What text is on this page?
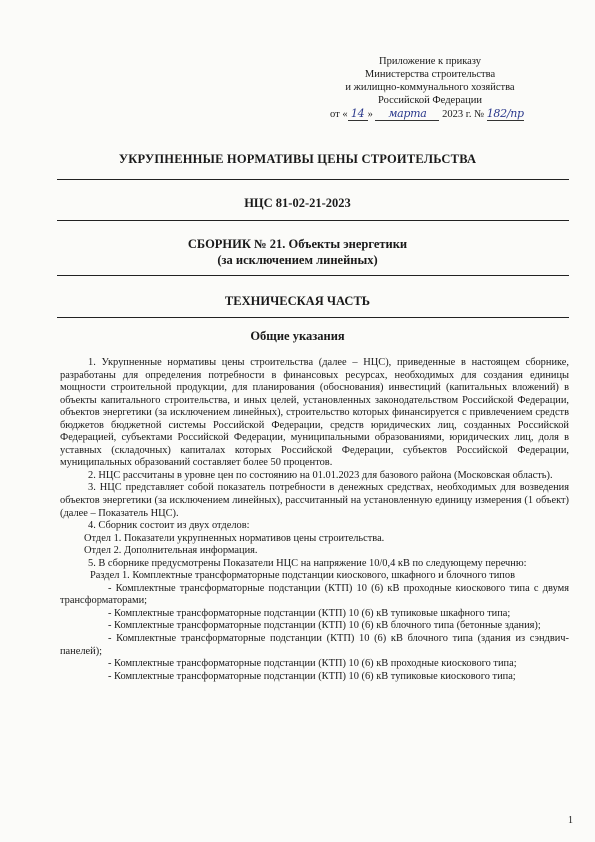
Приложение к приказу
Министерства строительства
и жилищно-коммунального хозяйства
Российской Федерации
от « 14 » марта 2023 г. № 182/пр
УКРУПНЕННЫЕ НОРМАТИВЫ ЦЕНЫ СТРОИТЕЛЬСТВА
НЦС 81-02-21-2023
СБОРНИК № 21. Объекты энергетики
(за исключением линейных)
ТЕХНИЧЕСКАЯ ЧАСТЬ
Общие указания

1. Укрупненные нормативы цены строительства (далее – НЦС), приведенные в настоящем сборнике, разработаны для определения потребности в финансовых ресурсах, необходимых для создания единицы мощности строительной продукции, для планирования (обоснования) инвестиций (капитальных вложений) в объекты капитального строительства, и иных целей, установленных законодательством Российской Федерации, объектов энергетики (за исключением линейных), строительство которых финансируется с привлечением средств бюджетов бюджетной системы Российской Федерации, средств юридических лиц, созданных Российской Федерацией, субъектами Российской Федерации, муниципальными образованиями, юридических лиц, доля в уставных (складочных) капиталах которых Российской Федерации, субъектов Российской Федерации, муниципальных образований составляет более 50 процентов.

2. НЦС рассчитаны в уровне цен по состоянию на 01.01.2023 для базового района (Московская область).

3. НЦС представляет собой показатель потребности в денежных средствах, необходимых для возведения объектов энергетики (за исключением линейных), рассчитанный на установленную единицу измерения (1 объект) (далее – Показатель НЦС).

4. Сборник состоит из двух отделов:

Отдел 1. Показатели укрупненных нормативов цены строительства.

Отдел 2. Дополнительная информация.

5. В сборнике предусмотрены Показатели НЦС на напряжение 10/0,4 кВ по следующему перечню:

Раздел 1. Комплектные трансформаторные подстанции киоскового, шкафного и блочного типов

- Комплектные трансформаторные подстанции (КТП) 10 (6) кВ проходные киоскового типа с двумя трансформаторами;

- Комплектные трансформаторные подстанции (КТП) 10 (6) кВ тупиковые шкафного типа;

- Комплектные трансформаторные подстанции (КТП) 10 (6) кВ блочного типа (бетонные здания);

- Комплектные трансформаторные подстанции (КТП) 10 (6) кВ блочного типа (здания из сэндвич-панелей);

- Комплектные трансформаторные подстанции (КТП) 10 (6) кВ проходные киоскового типа;

- Комплектные трансформаторные подстанции (КТП) 10 (6) кВ тупиковые киоскового типа;

1
